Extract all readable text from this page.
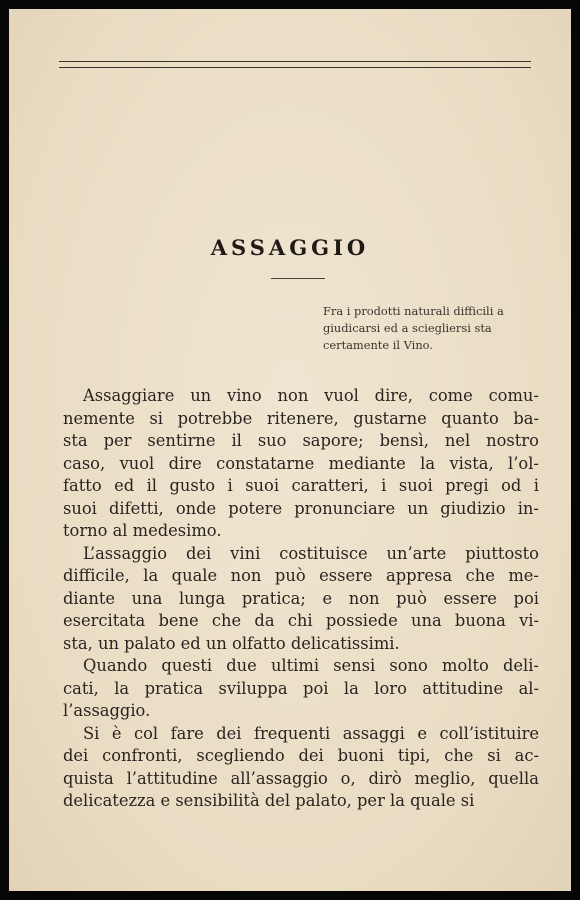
ASSAGGIO
Fra i prodotti naturali difficili a
giudicarsi ed a sciegliersi sta
certamente il Vino.
Assaggiare un vino non vuol dire, come comu-
nemente si potrebbe ritenere, gustarne quanto ba-
sta per sentirne il suo sapore; bensì, nel nostro
caso, vuol dire constatarne mediante la vista, l’ol-
fatto ed il gusto i suoi caratteri, i suoi pregi od i
suoi difetti, onde potere pronunciare un giudizio in-
torno al medesimo.
L’assaggio dei vini costituisce un’arte piuttosto
difficile, la quale non può essere appresa che me-
diante una lunga pratica; e non può essere poi
esercitata bene che da chi possiede una buona vi-
sta, un palato ed un olfatto delicatissimi.
Quando questi due ultimi sensi sono molto deli-
cati, la pratica sviluppa poi la loro attitudine al-
l’assaggio.
Si è col fare dei frequenti assaggi e coll’istituire
dei confronti, scegliendo dei buoni tipi, che si ac-
quista l’attitudine all’assaggio o, dirò meglio, quella
delicatezza e sensibilità del palato, per la quale si
